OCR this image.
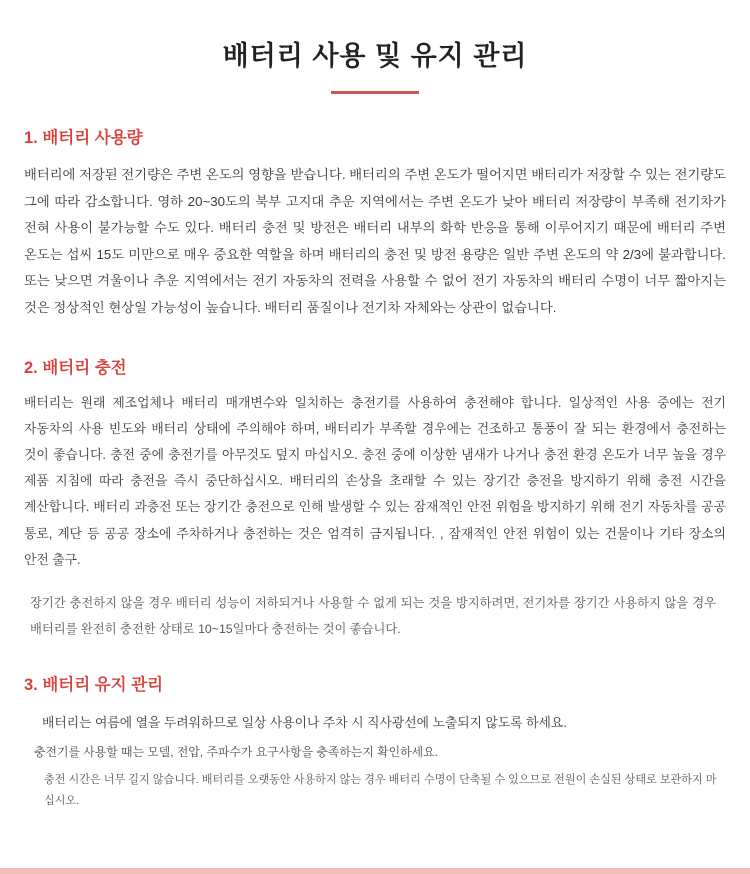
배터리 사용 및 유지 관리
1. 배터리 사용량

배터리에 저장된 전기량은 주변 온도의 영향을 받습니다. 배터리의 주변 온도가 떨어지면 배터리가 저장할 수 있는 전기량도 그에 따라 감소합니다. 영하 20~30도의 북부 고지대 추운 지역에서는 주변 온도가 낮아 배터리 저장량이 부족해 전기차가 전혀 사용이 불가능할 수도 있다. 배터리 충전 및 방전은 배터리 내부의 화학 반응을 통해 이루어지기 때문에 배터리 주변 온도는 섭씨 15도 미만으로 매우 중요한 역할을 하며 배터리의 충전 및 방전 용량은 일반 주변 온도의 약 2/3에 불과합니다. 또는 낮으면 겨울이나 추운 지역에서는 전기 자동차의 전력을 사용할 수 없어 전기 자동차의 배터리 수명이 너무 짧아지는 것은 정상적인 현상일 가능성이 높습니다. 배터리 품질이나 전기차 자체와는 상관이 없습니다.

2. 배터리 충전

배터리는 원래 제조업체나 배터리 매개변수와 일치하는 충전기를 사용하여 충전해야 합니다. 일상적인 사용 중에는 전기 자동차의 사용 빈도와 배터리 상태에 주의해야 하며, 배터리가 부족할 경우에는 건조하고 통풍이 잘 되는 환경에서 충전하는 것이 좋습니다. 충전 중에 충전기를 아무것도 덮지 마십시오. 충전 중에 이상한 냄새가 나거나 충전 환경 온도가 너무 높을 경우 제품 지침에 따라 충전을 즉시 중단하십시오. 배터리의 손상을 초래할 수 있는 장기간 충전을 방지하기 위해 충전 시간을 계산합니다. 배터리 과충전 또는 장기간 충전으로 인해 발생할 수 있는 잠재적인 안전 위험을 방지하기 위해 전기 자동차를 공공 통로, 계단 등 공공 장소에 주차하거나 충전하는 것은 엄격히 금지됩니다. , 잠재적인 안전 위험이 있는 건물이나 기타 장소의 안전 출구.

장기간 충전하지 않을 경우 배터리 성능이 저하되거나 사용할 수 없게 되는 것을 방지하려면, 전기차를 장기간 사용하지 않을 경우 배터리를 완전히 충전한 상태로 10~15일마다 충전하는 것이 좋습니다.

3. 배터리 유지 관리

배터리는 여름에 열을 두려워하므로 일상 사용이나 주차 시 직사광선에 노출되지 않도록 하세요.

충전기를 사용할 때는 모델, 전압, 주파수가 요구사항을 충족하는지 확인하세요.

충전 시간은 너무 길지 않습니다. 배터리를 오랫동안 사용하지 않는 경우 배터리 수명이 단축될 수 있으므로 전원이 손실된 상태로 보관하지 마십시오.
